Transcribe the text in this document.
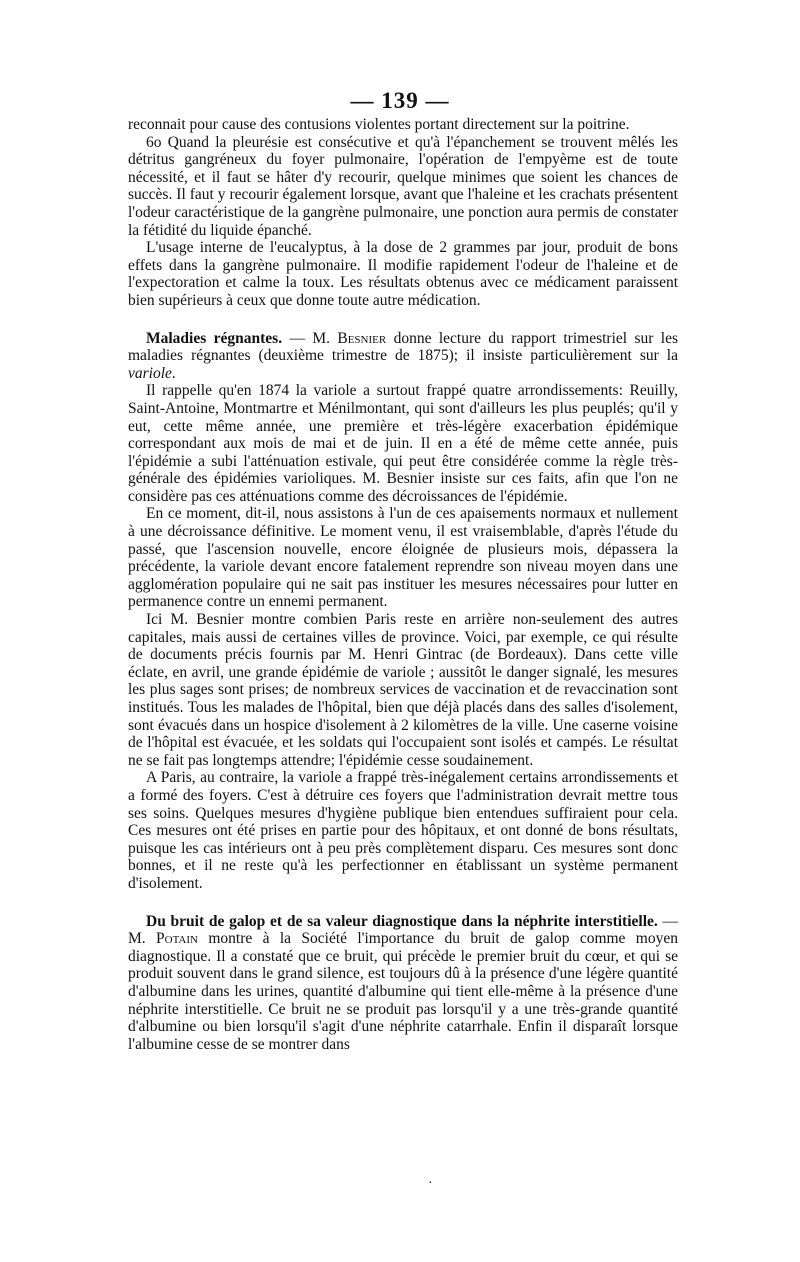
— 139 —

reconnait pour cause des contusions violentes portant directement sur la poitrine.

6o Quand la pleurésie est consécutive et qu'à l'épanchement se trouvent mêlés les détritus gangréneux du foyer pulmonaire, l'opération de l'empyème est de toute nécessité, et il faut se hâter d'y recourir, quelque minimes que soient les chances de succès. Il faut y recourir également lorsque, avant que l'haleine et les crachats présentent l'odeur caractéristique de la gangrène pulmonaire, une ponction aura permis de constater la fétidité du liquide épanché.

L'usage interne de l'eucalyptus, à la dose de 2 grammes par jour, produit de bons effets dans la gangrène pulmonaire. Il modifie rapidement l'odeur de l'haleine et de l'expectoration et calme la toux. Les résultats obtenus avec ce médicament paraissent bien supérieurs à ceux que donne toute autre médication.

Maladies régnantes. — M. Besnier donne lecture du rapport trimestriel sur les maladies régnantes (deuxième trimestre de 1875); il insiste particulièrement sur la variole.

Il rappelle qu'en 1874 la variole a surtout frappé quatre arrondissements: Reuilly, Saint-Antoine, Montmartre et Ménilmontant, qui sont d'ailleurs les plus peuplés; qu'il y eut, cette même année, une première et très-légère exacerbation épidémique correspondant aux mois de mai et de juin. Il en a été de même cette année, puis l'épidémie a subi l'atténuation estivale, qui peut être considérée comme la règle très-générale des épidémies varioliques. M. Besnier insiste sur ces faits, afin que l'on ne considère pas ces atténuations comme des décroissances de l'épidémie.

En ce moment, dit-il, nous assistons à l'un de ces apaisements normaux et nullement à une décroissance définitive. Le moment venu, il est vraisemblable, d'après l'étude du passé, que l'ascension nouvelle, encore éloignée de plusieurs mois, dépassera la précédente, la variole devant encore fatalement reprendre son niveau moyen dans une agglomération populaire qui ne sait pas instituer les mesures nécessaires pour lutter en permanence contre un ennemi permanent.

Ici M. Besnier montre combien Paris reste en arrière non-seulement des autres capitales, mais aussi de certaines villes de province. Voici, par exemple, ce qui résulte de documents précis fournis par M. Henri Gintrac (de Bordeaux). Dans cette ville éclate, en avril, une grande épidémie de variole ; aussitôt le danger signalé, les mesures les plus sages sont prises; de nombreux services de vaccination et de revaccination sont institués. Tous les malades de l'hôpital, bien que déjà placés dans des salles d'isolement, sont évacués dans un hospice d'isolement à 2 kilomètres de la ville. Une caserne voisine de l'hôpital est évacuée, et les soldats qui l'occupaient sont isolés et campés. Le résultat ne se fait pas longtemps attendre; l'épidémie cesse soudainement.

A Paris, au contraire, la variole a frappé très-inégalement certains arrondissements et a formé des foyers. C'est à détruire ces foyers que l'administration devrait mettre tous ses soins. Quelques mesures d'hygiène publique bien entendues suffiraient pour cela. Ces mesures ont été prises en partie pour des hôpitaux, et ont donné de bons résultats, puisque les cas intérieurs ont à peu près complètement disparu. Ces mesures sont donc bonnes, et il ne reste qu'à les perfectionner en établissant un système permanent d'isolement.

Du bruit de galop et de sa valeur diagnostique dans la néphrite interstitielle. — M. Potain montre à la Société l'importance du bruit de galop comme moyen diagnostique. Il a constaté que ce bruit, qui précède le premier bruit du cœur, et qui se produit souvent dans le grand silence, est toujours dû à la présence d'une légère quantité d'albumine dans les urines, quantité d'albumine qui tient elle-même à la présence d'une néphrite interstitielle. Ce bruit ne se produit pas lorsqu'il y a une très-grande quantité d'albumine ou bien lorsqu'il s'agit d'une néphrite catarrhale. Enfin il disparaît lorsque l'albumine cesse de se montrer dans

·
